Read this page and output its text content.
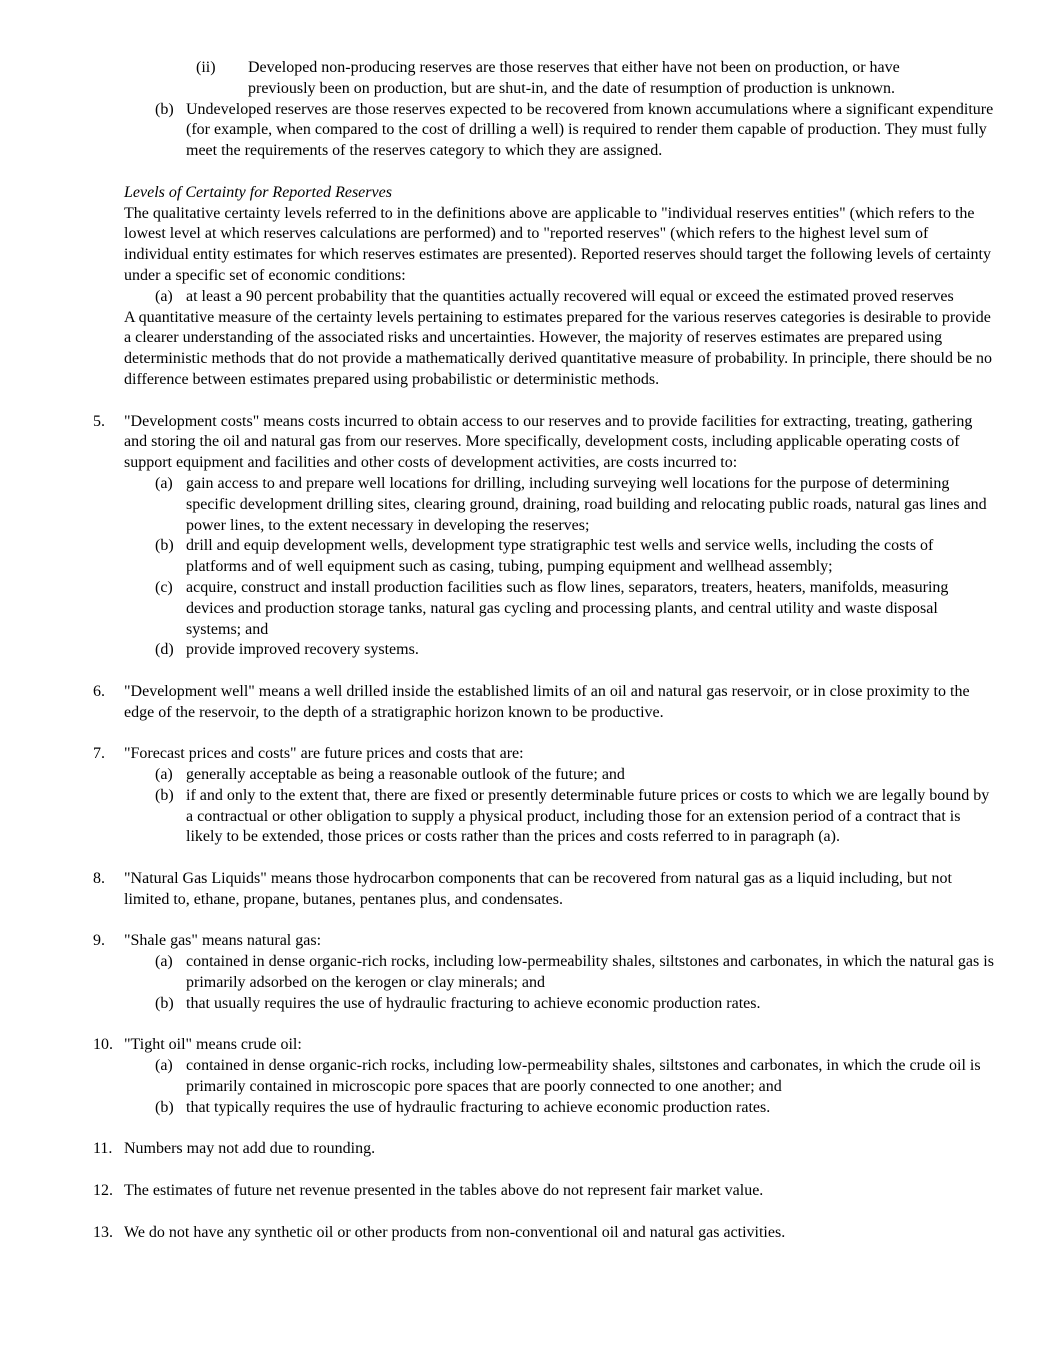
(ii) Developed non-producing reserves are those reserves that either have not been on production, or have previously been on production, but are shut-in, and the date of resumption of production is unknown.

(b) Undeveloped reserves are those reserves expected to be recovered from known accumulations where a significant expenditure (for example, when compared to the cost of drilling a well) is required to render them capable of production. They must fully meet the requirements of the reserves category to which they are assigned.

Levels of Certainty for Reported Reserves

The qualitative certainty levels referred to in the definitions above are applicable to "individual reserves entities" (which refers to the lowest level at which reserves calculations are performed) and to "reported reserves" (which refers to the highest level sum of individual entity estimates for which reserves estimates are presented). Reported reserves should target the following levels of certainty under a specific set of economic conditions:

(a) at least a 90 percent probability that the quantities actually recovered will equal or exceed the estimated proved reserves

A quantitative measure of the certainty levels pertaining to estimates prepared for the various reserves categories is desirable to provide a clearer understanding of the associated risks and uncertainties. However, the majority of reserves estimates are prepared using deterministic methods that do not provide a mathematically derived quantitative measure of probability. In principle, there should be no difference between estimates prepared using probabilistic or deterministic methods.

5. "Development costs" means costs incurred to obtain access to our reserves and to provide facilities for extracting, treating, gathering and storing the oil and natural gas from our reserves. More specifically, development costs, including applicable operating costs of support equipment and facilities and other costs of development activities, are costs incurred to:

(a) gain access to and prepare well locations for drilling, including surveying well locations for the purpose of determining specific development drilling sites, clearing ground, draining, road building and relocating public roads, natural gas lines and power lines, to the extent necessary in developing the reserves;

(b) drill and equip development wells, development type stratigraphic test wells and service wells, including the costs of platforms and of well equipment such as casing, tubing, pumping equipment and wellhead assembly;

(c) acquire, construct and install production facilities such as flow lines, separators, treaters, heaters, manifolds, measuring devices and production storage tanks, natural gas cycling and processing plants, and central utility and waste disposal systems; and

(d) provide improved recovery systems.

6. "Development well" means a well drilled inside the established limits of an oil and natural gas reservoir, or in close proximity to the edge of the reservoir, to the depth of a stratigraphic horizon known to be productive.

7. "Forecast prices and costs" are future prices and costs that are:

(a) generally acceptable as being a reasonable outlook of the future; and

(b) if and only to the extent that, there are fixed or presently determinable future prices or costs to which we are legally bound by a contractual or other obligation to supply a physical product, including those for an extension period of a contract that is likely to be extended, those prices or costs rather than the prices and costs referred to in paragraph (a).

8. "Natural Gas Liquids" means those hydrocarbon components that can be recovered from natural gas as a liquid including, but not limited to, ethane, propane, butanes, pentanes plus, and condensates.

9. "Shale gas" means natural gas:

(a) contained in dense organic-rich rocks, including low-permeability shales, siltstones and carbonates, in which the natural gas is primarily adsorbed on the kerogen or clay minerals; and

(b) that usually requires the use of hydraulic fracturing to achieve economic production rates.

10. "Tight oil" means crude oil:

(a) contained in dense organic-rich rocks, including low-permeability shales, siltstones and carbonates, in which the crude oil is primarily contained in microscopic pore spaces that are poorly connected to one another; and

(b) that typically requires the use of hydraulic fracturing to achieve economic production rates.

11. Numbers may not add due to rounding.

12. The estimates of future net revenue presented in the tables above do not represent fair market value.

13. We do not have any synthetic oil or other products from non-conventional oil and natural gas activities.
